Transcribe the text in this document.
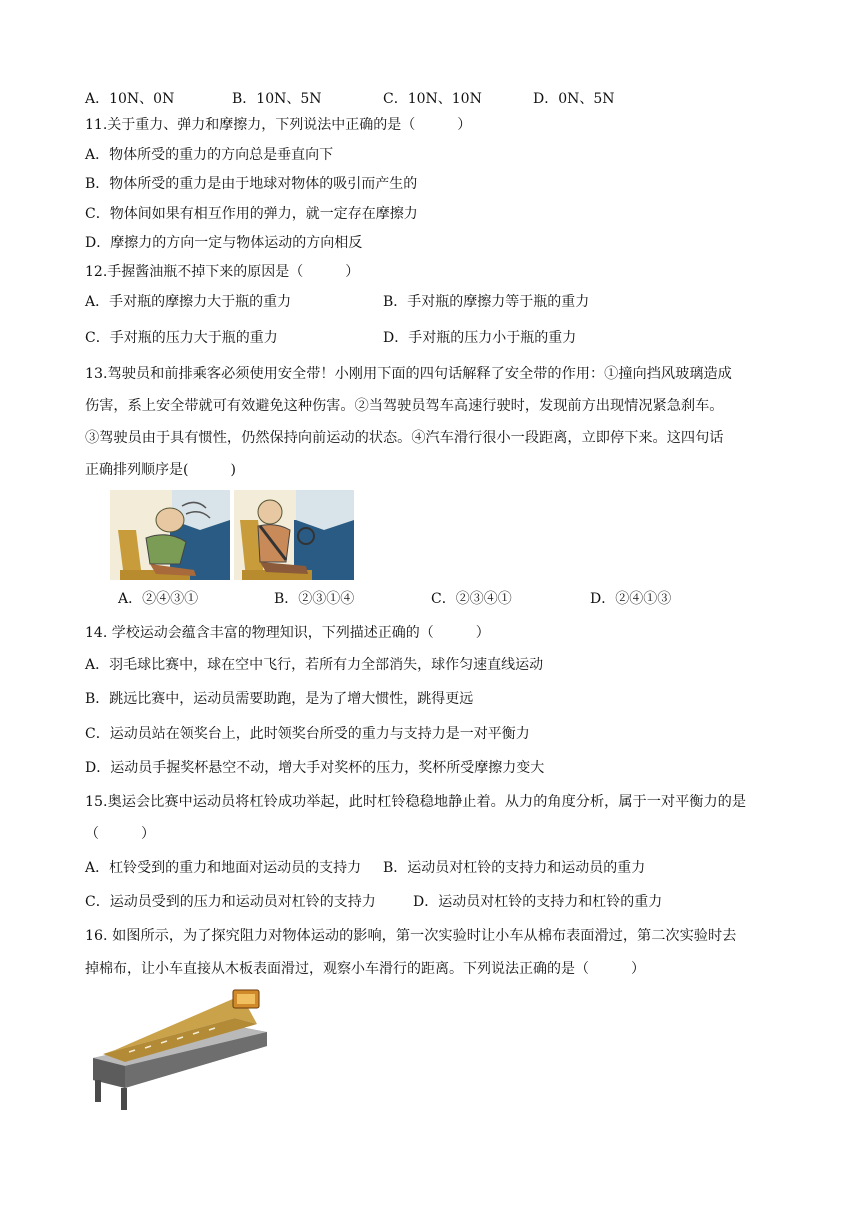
A．10N、0N	B．10N、5N	C．10N、10N	D．0N、5N
11.关于重力、弹力和摩擦力，下列说法中正确的是（　　　）
A．物体所受的重力的方向总是垂直向下
B．物体所受的重力是由于地球对物体的吸引而产生的
C．物体间如果有相互作用的弹力，就一定存在摩擦力
D．摩擦力的方向一定与物体运动的方向相反
12.手握酱油瓶不掉下来的原因是（　　　）
A．手对瓶的摩擦力大于瓶的重力	B．手对瓶的摩擦力等于瓶的重力
C．手对瓶的压力大于瓶的重力	D．手对瓶的压力小于瓶的重力
13.驾驶员和前排乘客必须使用安全带！小刚用下面的四句话解释了安全带的作用：①撞向挡风玻璃造成
伤害，系上安全带就可有效避免这种伤害。②当驾驶员驾车高速行驶时，发现前方出现情况紧急刹车。
③驾驶员由于具有惯性，仍然保持向前运动的状态。④汽车滑行很小一段距离，立即停下来。这四句话
正确排列顺序是(　　　)
A．②④③①	B．②③①④	C．②③④①	D．②④①③
14. 学校运动会蕴含丰富的物理知识，下列描述正确的（　　　）
A．羽毛球比赛中，球在空中飞行，若所有力全部消失，球作匀速直线运动
B．跳远比赛中，运动员需要助跑，是为了增大惯性，跳得更远
C．运动员站在领奖台上，此时领奖台所受的重力与支持力是一对平衡力
D．运动员手握奖杯悬空不动，增大手对奖杯的压力，奖杯所受摩擦力变大
15.奥运会比赛中运动员将杠铃成功举起，此时杠铃稳稳地静止着。从力的角度分析，属于一对平衡力的是
（　　　）
A．杠铃受到的重力和地面对运动员的支持力 B．运动员对杠铃的支持力和运动员的重力
C．运动员受到的压力和运动员对杠铃的支持力	D．运动员对杠铃的支持力和杠铃的重力
16. 如图所示，为了探究阻力对物体运动的影响，第一次实验时让小车从棉布表面滑过，第二次实验时去
掉棉布，让小车直接从木板表面滑过，观察小车滑行的距离。下列说法正确的是（　　　）
